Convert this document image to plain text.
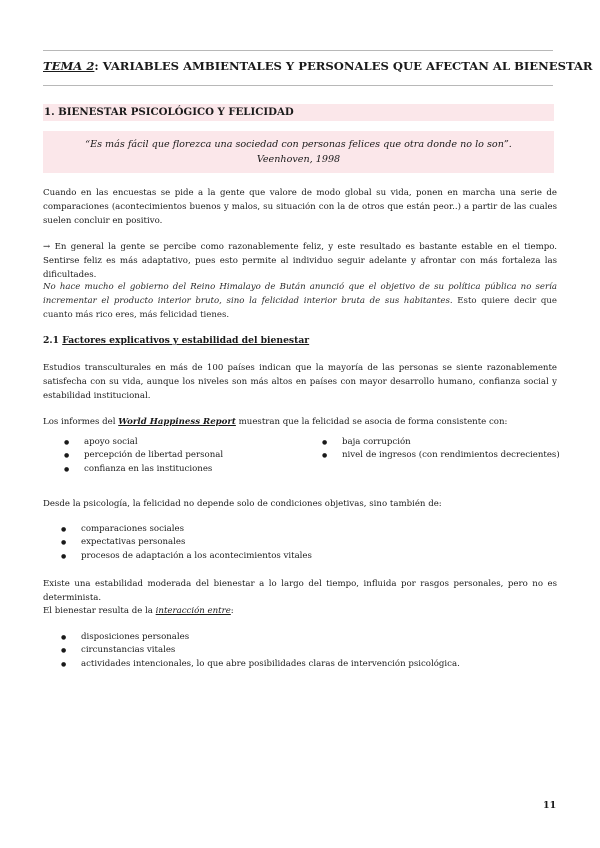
TEMA 2: VARIABLES AMBIENTALES Y PERSONALES QUE AFECTAN AL BIENESTAR
1. BIENESTAR PSICOLÓGICO Y FELICIDAD
“Es más fácil que florezca una sociedad con personas felices que otra donde no lo son”.
Veenhoven, 1998
Cuando en las encuestas se pide a la gente que valore de modo global su vida, ponen en marcha una serie de comparaciones (acontecimientos buenos y malos, su situación con la de otros que están peor..) a partir de las cuales suelen concluir en positivo.
→ En general la gente se percibe como razonablemente feliz, y este resultado es bastante estable en el tiempo. Sentirse feliz es más adaptativo, pues esto permite al individuo seguir adelante y afrontar con más fortaleza las dificultades.
No hace mucho el gobierno del Reino Himalayo de Bután anunció que el objetivo de su política pública no sería incrementar el producto interior bruto, sino la felicidad interior bruta de sus habitantes. Esto quiere decir que cuanto más rico eres, más felicidad tienes.
2.1 Factores explicativos y estabilidad del bienestar
Estudios transculturales en más de 100 países indican que la mayoría de las personas se siente razonablemente satisfecha con su vida, aunque los niveles son más altos en países con mayor desarrollo humano, confianza social y estabilidad institucional.
Los informes del World Happiness Report muestran que la felicidad se asocia de forma consistente con:
● apoyo social
● percepción de libertad personal
● confianza en las instituciones
● baja corrupción
● nivel de ingresos (con rendimientos decrecientes)
Desde la psicología, la felicidad no depende solo de condiciones objetivas, sino también de:
● comparaciones sociales
● expectativas personales
● procesos de adaptación a los acontecimientos vitales
Existe una estabilidad moderada del bienestar a lo largo del tiempo, influida por rasgos personales, pero no es determinista.
El bienestar resulta de la interacción entre:
● disposiciones personales
● circunstancias vitales
● actividades intencionales, lo que abre posibilidades claras de intervención psicológica.
11
